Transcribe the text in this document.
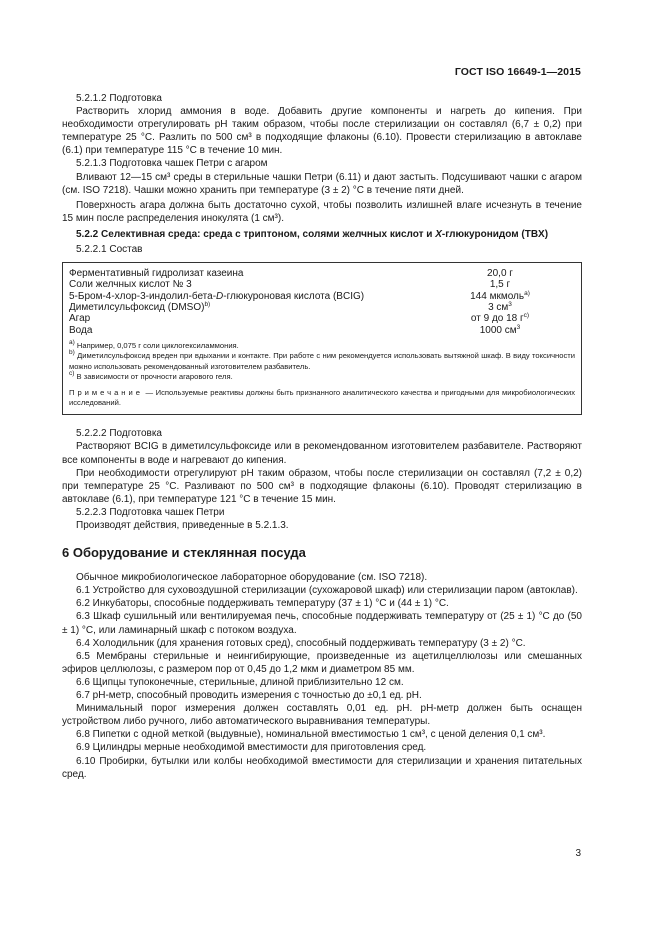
ГОСТ ISO 16649-1—2015

5.2.1.2 Подготовка

Растворить хлорид аммония в воде. Добавить другие компоненты и нагреть до кипения. При необходимости отрегулировать pH таким образом, чтобы после стерилизации он составлял (6,7 ± 0,2) при температуре 25 °С. Разлить по 500 см³ в подходящие флаконы (6.10). Провести стерилизацию в автоклаве (6.1) при температуре 115 °С в течение 10 мин.

5.2.1.3 Подготовка чашек Петри с агаром

Вливают 12—15 см³ среды в стерильные чашки Петри (6.11) и дают застыть. Подсушивают чашки с агаром (см. ISO 7218). Чашки можно хранить при температуре (3 ± 2) °С в течение пяти дней.

Поверхность агара должна быть достаточно сухой, чтобы позволить излишней влаге исчезнуть в течение 15 мин после распределения инокулята (1 см³).

5.2.2 Селективная среда: среда с триптоном, солями желчных кислот и X-глюкуронидом (TBX)

5.2.2.1 Состав

Ферментативный гидролизат казеина	20,0 г
Соли желчных кислот № 3	1,5 г
5-Бром-4-хлор-3-индолил-бета-D-глюкуроновая кислота (BCIG)	144 мкмоль$^{а)}$
Диметилсульфоксид (DMSO)$^{b)}$	3 $см^3$
Агар	от 9 до 18 $г^{c)}$
Вода	1000 $см^3$

$^{а)}$ Например, 0,075 г соли циклогексиламмония.

$^{b)}$ Диметилсульфоксид вреден при вдыхании и контакте. При работе с ним рекомендуется использовать вытяжной шкаф. В виду токсичности можно использовать рекомендованный изготовителем разбавитель.

$^{c)}$ В зависимости от прочности агарового геля.

Примечание — Используемые реактивы должны быть признанного аналитического качества и пригодными для микробиологических исследований.

5.2.2.2 Подготовка

Растворяют BCIG в диметилсульфоксиде или в рекомендованном изготовителем разбавителе. Растворяют все компоненты в воде и нагревают до кипения.

При необходимости отрегулируют pH таким образом, чтобы после стерилизации он составлял (7,2 ± 0,2) при температуре 25 °С. Разливают по 500 см³ в подходящие флаконы (6.10). Проводят стерилизацию в автоклаве (6.1), при температуре 121 °С в течение 15 мин.

5.2.2.3 Подготовка чашек Петри

Производят действия, приведенные в 5.2.1.3.

6 Оборудование и стеклянная посуда

Обычное микробиологическое лабораторное оборудование (см. ISO 7218).

6.1 Устройство для суховоздушной стерилизации (сухожаровой шкаф) или стерилизации паром (автоклав).

6.2 Инкубаторы, способные поддерживать температуру (37 ± 1) °С и (44 ± 1) °С.

6.3 Шкаф сушильный или вентилируемая печь, способные поддерживать температуру от (25 ± 1) °С до (50 ± 1) °С, или ламинарный шкаф с потоком воздуха.

6.4 Холодильник (для хранения готовых сред), способный поддерживать температуру (3 ± 2) °С.

6.5 Мембраны стерильные и неингибирующие, произведенные из ацетилцеллюлозы или смешанных эфиров целлюлозы, с размером пор от 0,45 до 1,2 мкм и диаметром 85 мм.

6.6 Щипцы тупоконечные, стерильные, длиной приблизительно 12 см.

6.7 pH-метр, способный проводить измерения с точностью до ±0,1 ед. pH.

Минимальный порог измерения должен составлять 0,01 ед. pH. pH-метр должен быть оснащен устройством либо ручного, либо автоматического выравнивания температуры.

6.8 Пипетки с одной меткой (выдувные), номинальной вместимостью 1 см³, с ценой деления 0,1 см³.

6.9 Цилиндры мерные необходимой вместимости для приготовления сред.

6.10 Пробирки, бутылки или колбы необходимой вместимости для стерилизации и хранения питательных сред.

3
